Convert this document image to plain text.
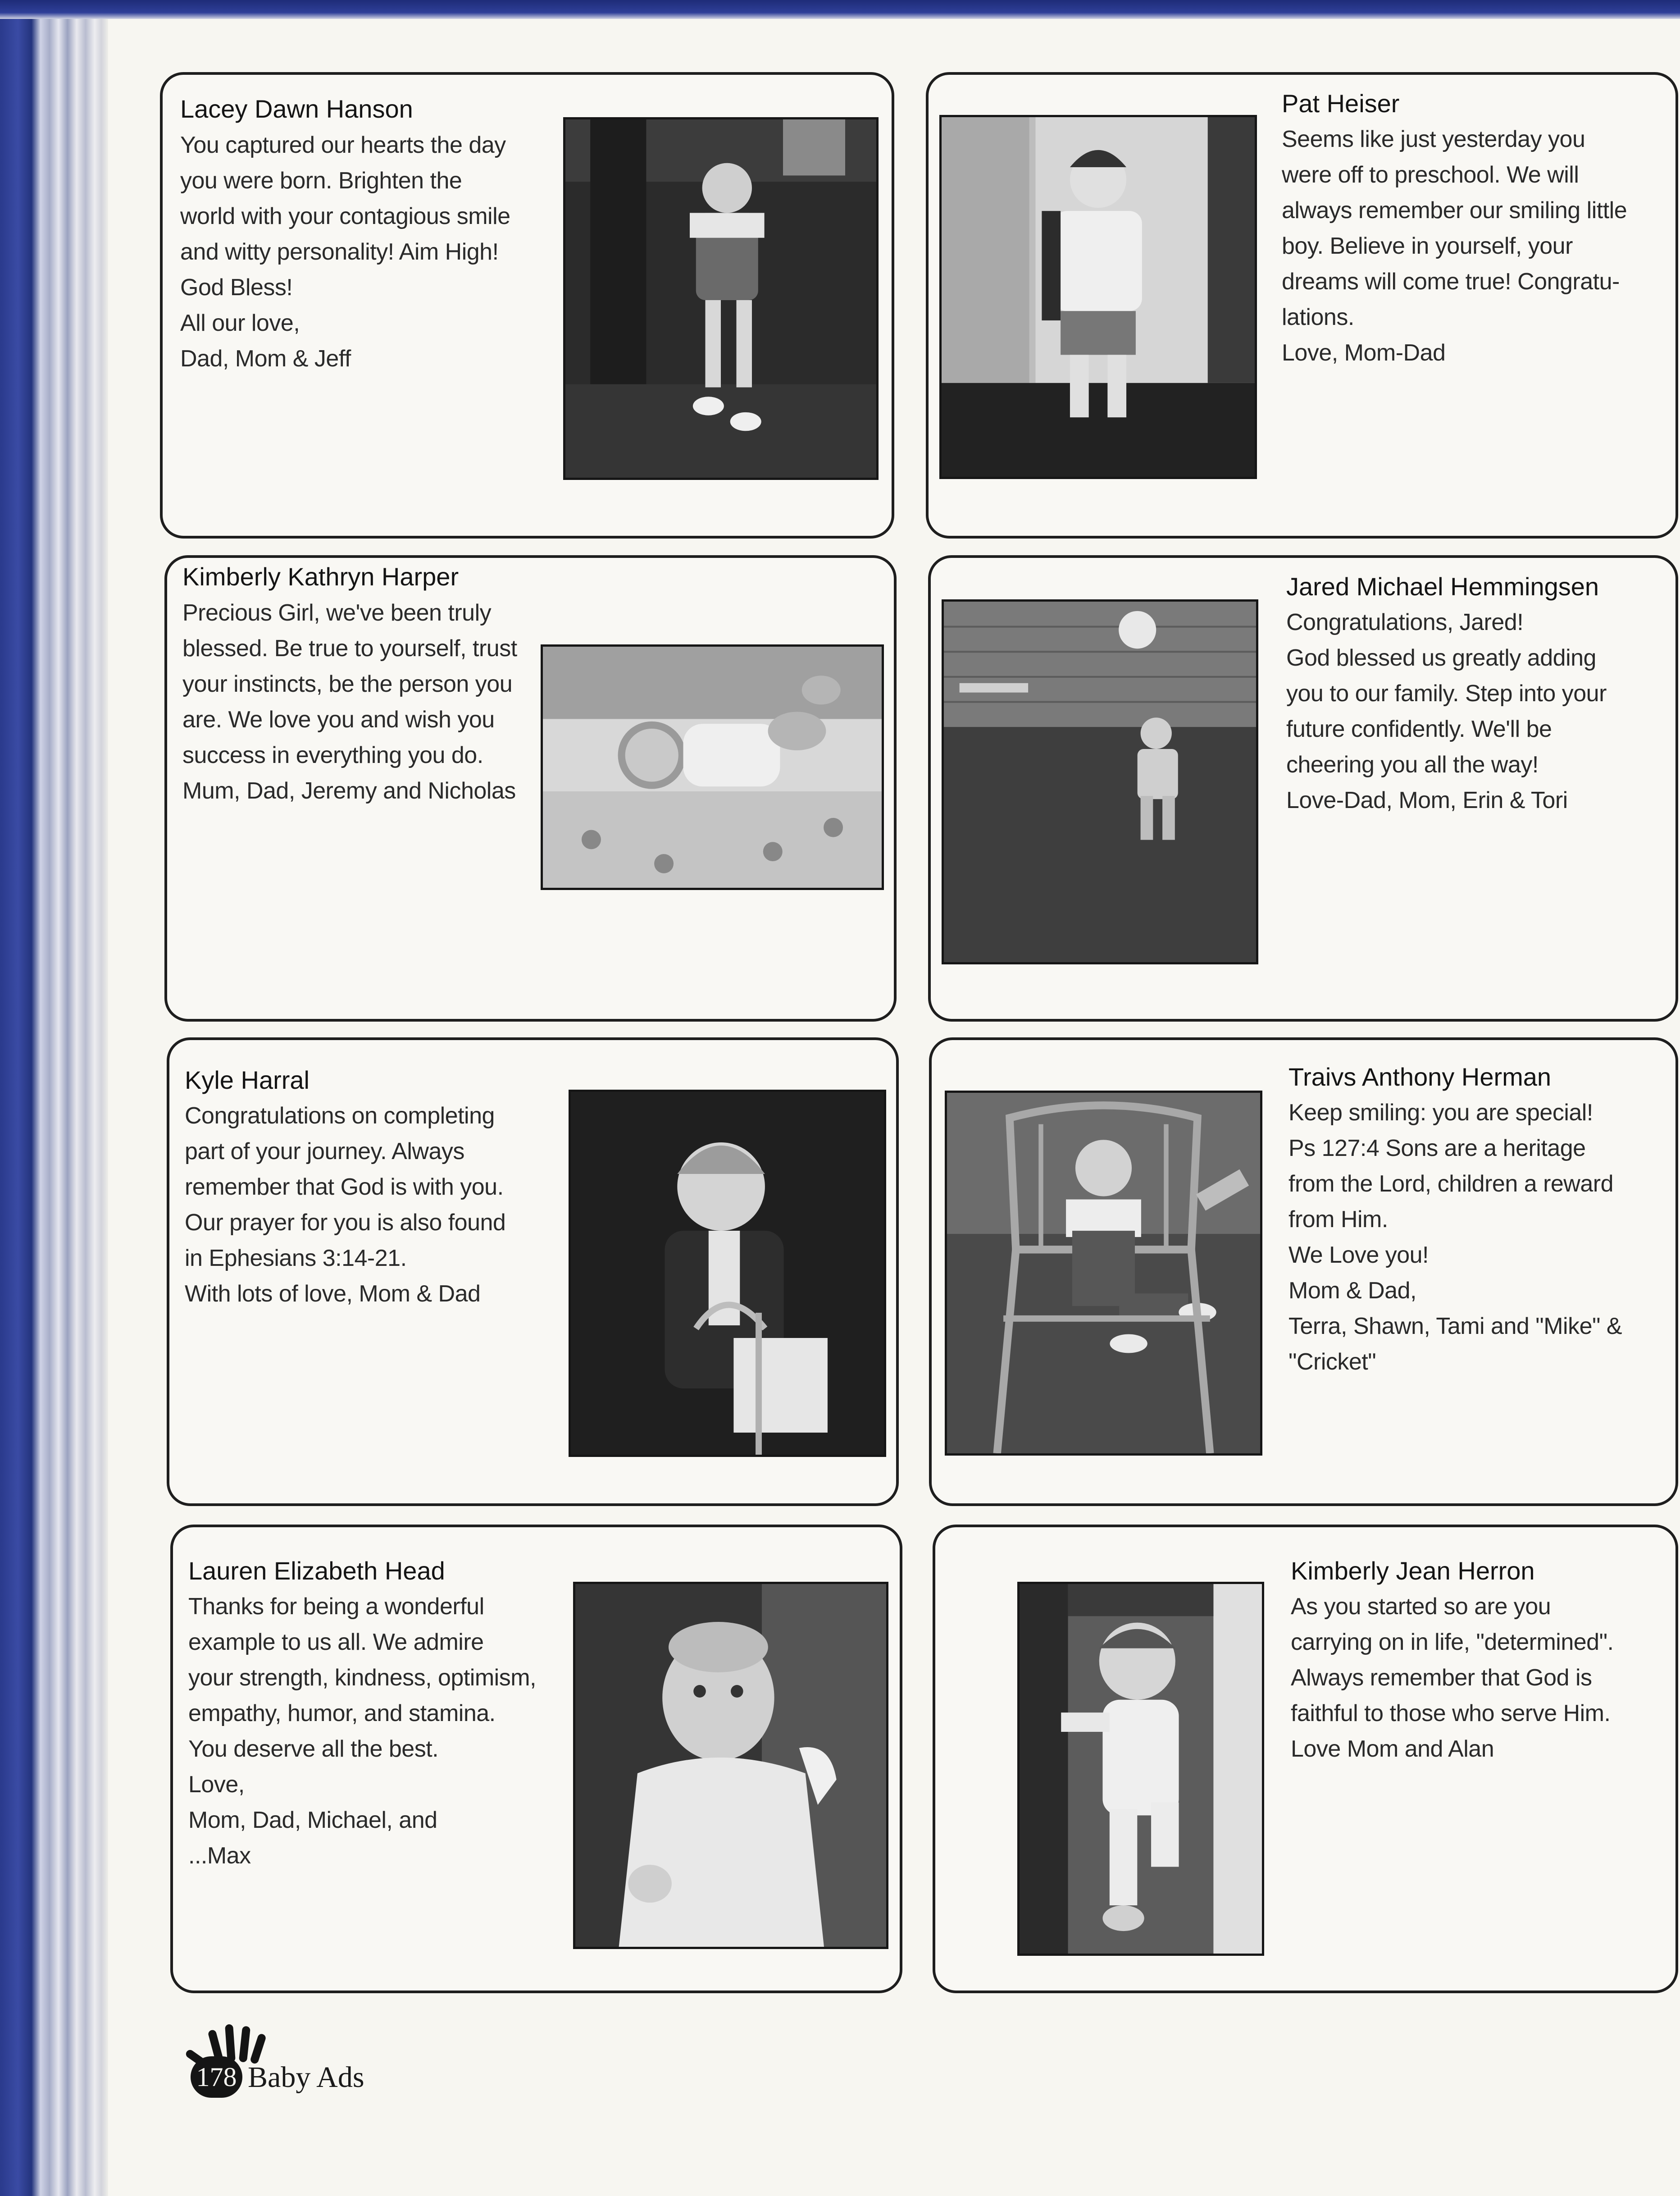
Lacey Dawn Hanson
You captured our hearts the day
you were born. Brighten the
world with your contagious smile
and witty personality! Aim High!
God Bless!
All our love,
Dad, Mom & Jeff
Pat Heiser
Seems like just yesterday you
were off to preschool. We will
always remember our smiling little
boy. Believe in yourself, your
dreams will come true! Congratu-
lations.
Love, Mom-Dad
Kimberly Kathryn Harper
Precious Girl, we've been truly
blessed. Be true to yourself, trust
your instincts, be the person you
are. We love you and wish you
success in everything you do.
Mum, Dad, Jeremy and Nicholas
Jared Michael Hemmingsen
Congratulations, Jared!
God blessed us greatly adding
you to our family. Step into your
future confidently. We'll be
cheering you all the way!
Love-Dad, Mom, Erin & Tori
Kyle Harral
Congratulations on completing
part of your journey. Always
remember that God is with you.
Our prayer for you is also found
in Ephesians 3:14-21.
With lots of love, Mom & Dad
Traivs Anthony Herman
Keep smiling: you are special!
Ps 127:4 Sons are a heritage
from the Lord, children a reward
from Him.
We Love you!
Mom & Dad,
Terra, Shawn, Tami and "Mike" &
"Cricket"
Lauren Elizabeth Head
Thanks for being a wonderful
example to us all. We admire
your strength, kindness, optimism,
empathy, humor, and stamina.
You deserve all the best.
Love,
Mom, Dad, Michael, and
...Max
Kimberly Jean Herron
As you started so are you
carrying on in life, "determined".
Always remember that God is
faithful to those who serve Him.
Love Mom and Alan
178 Baby Ads
